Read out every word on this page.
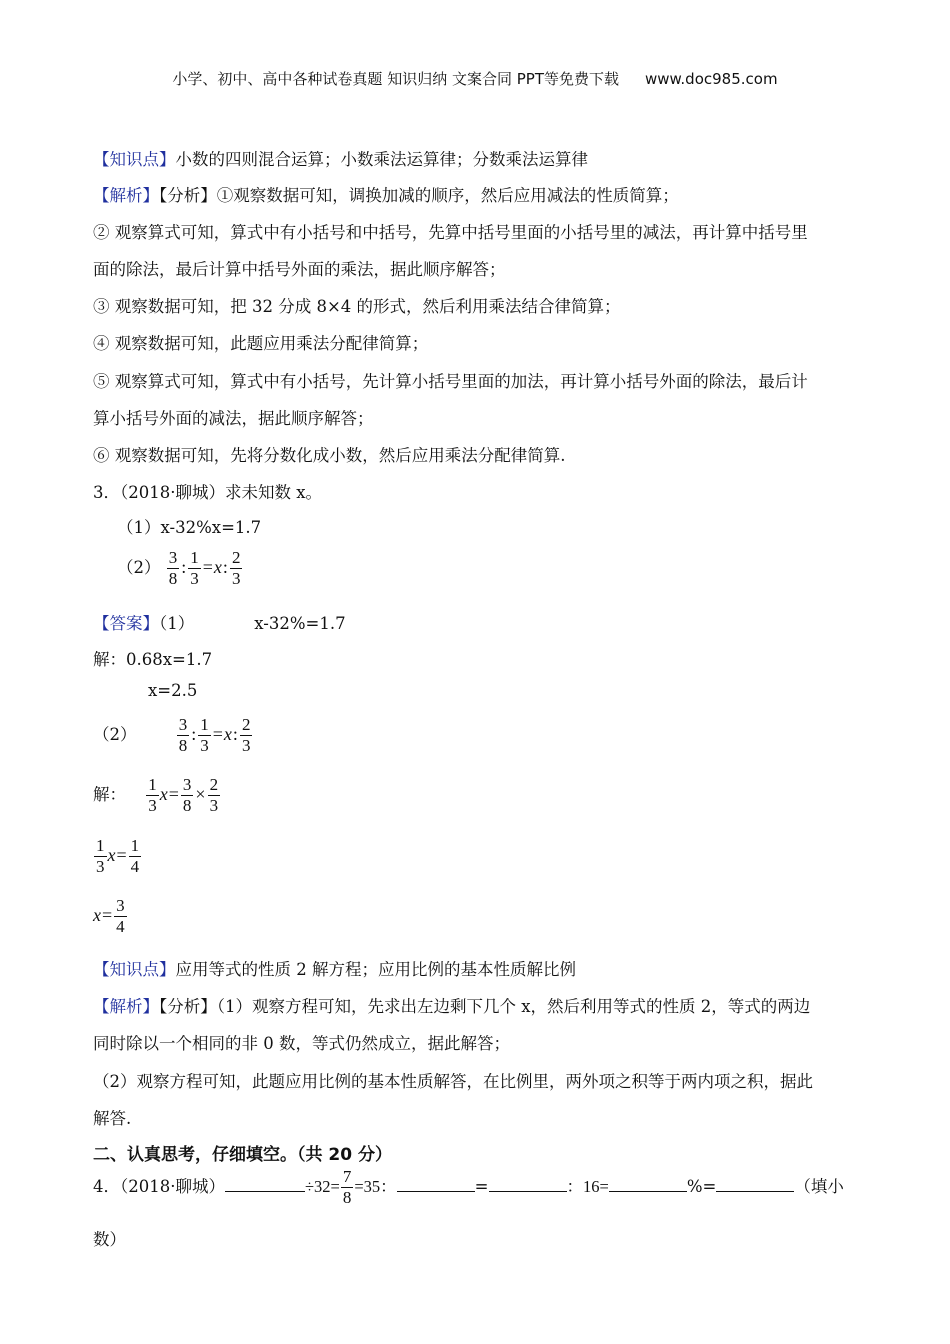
小学、初中、高中各种试卷真题 知识归纳 文案合同 PPT等免费下载 www.doc985.com
【知识点】小数的四则混合运算；小数乘法运算律；分数乘法运算律
【解析】【分析】①观察数据可知，调换加减的顺序，然后应用减法的性质简算；
② 观察算式可知，算式中有小括号和中括号，先算中括号里面的小括号里的减法，再计算中括号里
面的除法，最后计算中括号外面的乘法，据此顺序解答；
③ 观察数据可知，把 32 分成 8×4 的形式，然后利用乘法结合律简算；
④ 观察数据可知，此题应用乘法分配律简算；
⑤ 观察算式可知，算式中有小括号，先计算小括号里面的加法，再计算小括号外面的除法，最后计
算小括号外面的减法，据此顺序解答；
⑥ 观察数据可知，先将分数化成小数，然后应用乘法分配律简算.
3．（2018·聊城）求未知数 x。
（1）x-32%x=1.7
$(2) \frac{3}{8}$ : $\frac{1}{3} =x$: $\frac{2}{3}$
【答案】（1）	x-32%=1.7
解：0.68x=1.7
x=2.5
$(2) \frac{3}{8}$ : $\frac{1}{3} =x$: $\frac{2}{3}$
解： $\frac{1}{3} x= \frac{3}{8} \times \frac{2}{3}$
$\frac{1}{3} x= \frac{1}{4}$
$x= \frac{3}{4}$
【知识点】应用等式的性质 2 解方程；应用比例的基本性质解比例
【解析】【分析】（1）观察方程可知，先求出左边剩下几个 x，然后利用等式的性质 2，等式的两边
同时除以一个相同的非 0 数，等式仍然成立，据此解答；
（2）观察方程可知，此题应用比例的基本性质解答，在比例里，两外项之积等于两内项之积，据此
解答.
二、认真思考，仔细填空。（共 20 分）
4．（2018·聊城）	$\div 32= \frac{7}{8} =35$：	=	：16=	%=	（填小
数）
